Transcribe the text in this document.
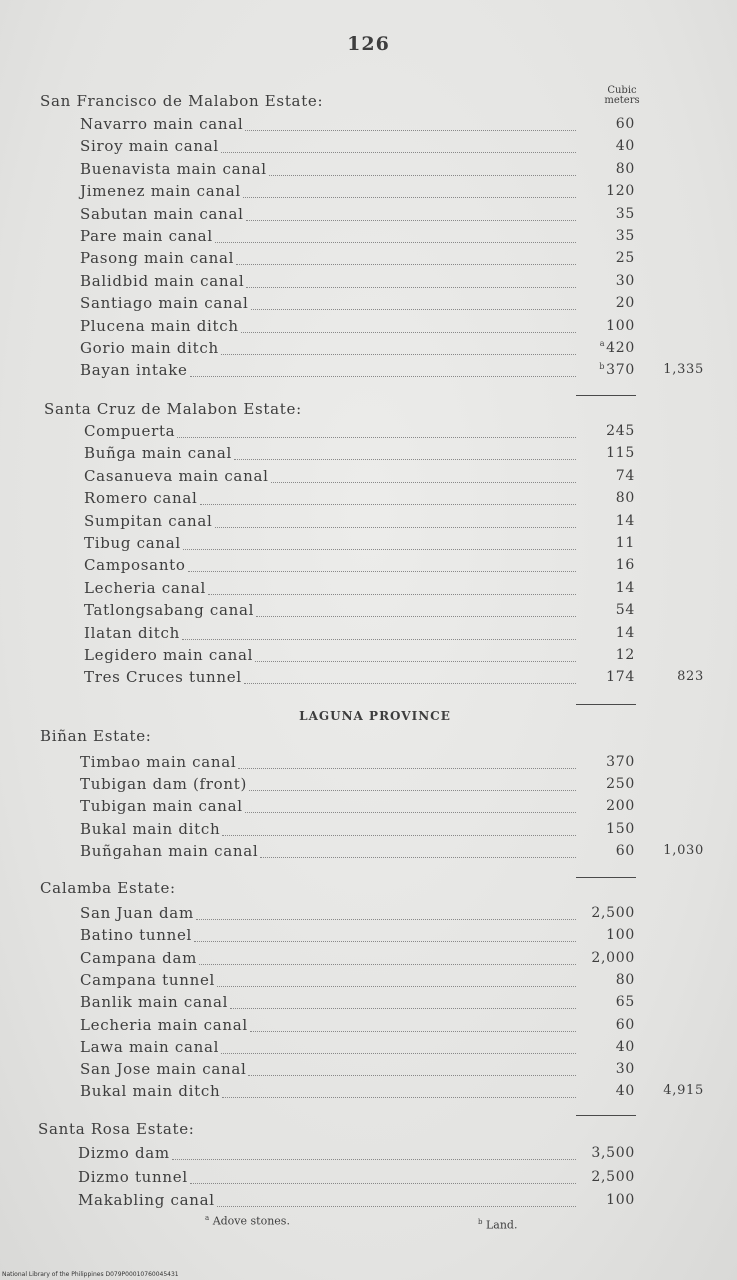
126
Cubic
meters
San Francisco de Malabon Estate:
Navarro main canal	60
Siroy main canal	40
Buenavista main canal	80
Jimenez main canal	120
Sabutan main canal	35
Pare main canal	35
Pasong main canal	25
Balidbid main canal	30
Santiago main canal	20
Plucena main ditch	100
Gorio main ditch	$^a$420
Bayan intake	$^b$370	1,335
Santa Cruz de Malabon Estate:
Compuerta	245
Buñga main canal	115
Casanueva main canal	74
Romero canal	80
Sumpitan canal	14
Tibug canal	11
Camposanto	16
Lecheria canal	14
Tatlongsabang canal	54
Ilatan ditch	14
Legidero main canal	12
Tres Cruces tunnel	174	823
LAGUNA PROVINCE
Biñan Estate:
Timbao main canal	370
Tubigan dam (front)	250
Tubigan main canal	200
Bukal main ditch	150
Buñgahan main canal	60	1,030
Calamba Estate:
San Juan dam	2,500
Batino tunnel	100
Campana dam	2,000
Campana tunnel	80
Banlik main canal	65
Lecheria main canal	60
Lawa main canal	40
San Jose main canal	30
Bukal main ditch	40	4,915
Santa Rosa Estate:
Dizmo dam	3,500
Dizmo tunnel	2,500
Makabling canal	100
$^a$ Adove stones.	$^b$ Land.
National Library of the Philippines D079P00010760045431
